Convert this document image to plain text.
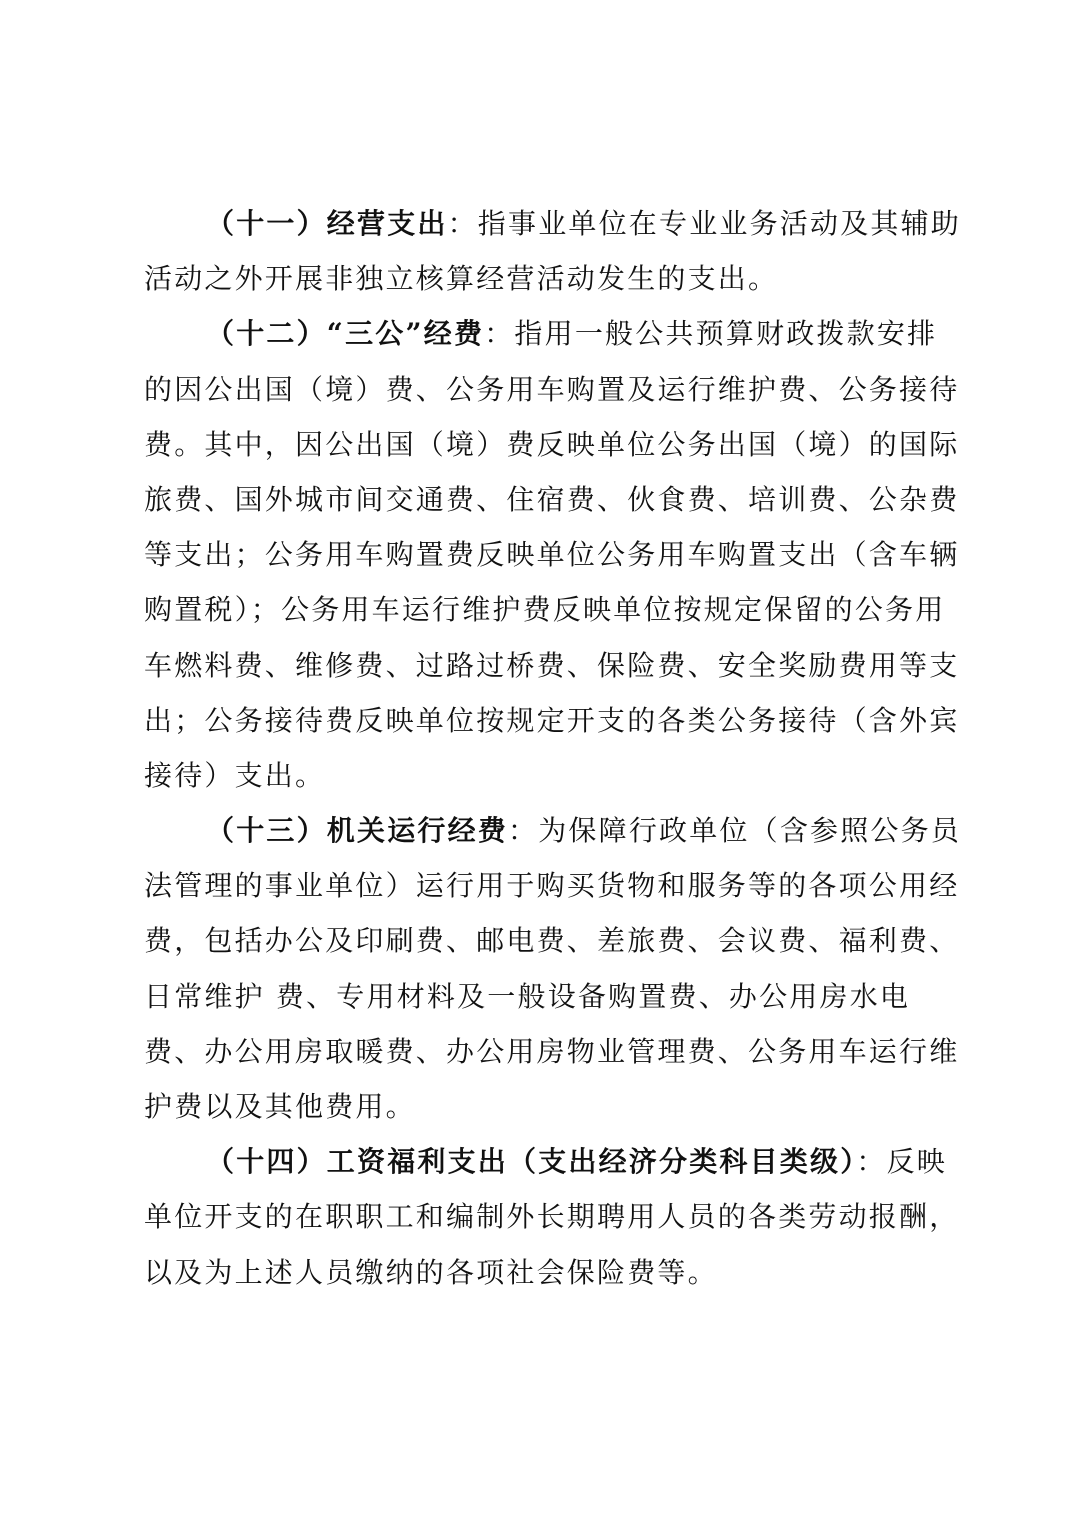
（十一）经营支出：指事业单位在专业业务活动及其辅助
活动之外开展非独立核算经营活动发生的支出。
（十二）“三公”经费：指用一般公共预算财政拨款安排
的因公出国（境）费、公务用车购置及运行维护费、公务接待
费。其中，因公出国（境）费反映单位公务出国（境）的国际
旅费、国外城市间交通费、住宿费、伙食费、培训费、公杂费
等支出；公务用车购置费反映单位公务用车购置支出（含车辆
购置税）；公务用车运行维护费反映单位按规定保留的公务用
车燃料费、维修费、过路过桥费、保险费、安全奖励费用等支
出；公务接待费反映单位按规定开支的各类公务接待（含外宾
接待）支出。
（十三）机关运行经费：为保障行政单位（含参照公务员
法管理的事业单位）运行用于购买货物和服务等的各项公用经
费，包括办公及印刷费、邮电费、差旅费、会议费、福利费、
日常维护 费、专用材料及一般设备购置费、办公用房水电
费、办公用房取暖费、办公用房物业管理费、公务用车运行维
护费以及其他费用。
（十四）工资福利支出（支出经济分类科目类级）：反映
单位开支的在职职工和编制外长期聘用人员的各类劳动报酬，
以及为上述人员缴纳的各项社会保险费等。
